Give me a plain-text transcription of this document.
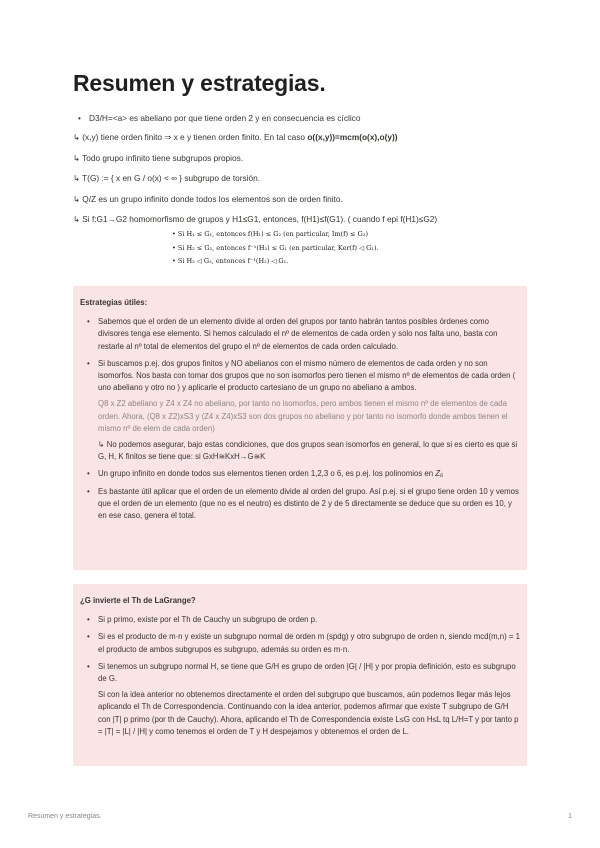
Resumen y estrategias.
• D3/H=<a> es abeliano por que tiene orden 2 y en consecuencia es cíclico
↳ (x,y) tiene orden finito ⇒ x e y tienen orden finito. En tal caso o((x,y))=mcm(o(x),o(y))
↳ Todo grupo infinito tiene subgrupos propios.
↳ T(G) := { x en G / o(x) < ∞ } subgrupo de torsión.
↳ Q/Z es un grupo infinito donde todos los elementos son de orden finito.
↳ Si f:G1→G2 homomorfismo de grupos y H1≤G1, entonces, f(H1)≤f(G1). ( cuando f epi f(H1)≤G2)
• Si H₁ ≤ G₁, entonces f(H₁) ≤ G₂ (en particular, Im(f) ≤ G₂)
• Si H₂ ≤ G₂, entonces f⁻¹(H₂) ≤ G₁ (en particular, Ker(f) ◁ G₁).
• Si H₂ ◁ G₂, entonces f⁻¹(H₂) ◁ G₁.
Estrategias útiles:
• Sabemos que el orden de un elemento divide al orden del grupos por tanto habrán tantos posibles órdenes como divisores tenga ese elemento. Si hemos calculado el nº de elementos de cada orden y solo nos falta uno, basta con restarle al nº total de elementos del grupo el nº de elementos de cada orden calculado.
• Si buscamos p.ej. dos grupos finitos y NO abelianos con el mismo número de elementos de cada orden y no son isomorfos. Nos basta con tomar dos grupos que no son isomorfos pero tienen el mismo nº de elementos de cada orden ( uno abeliano y otro no ) y aplicarle el producto cartesiano de un grupo no abeliano a ambos.

Q8 x Z2 abeliano y Z4 x Z4 no abeliano, por tanto no isomorfos, pero ambos tienen el mismo nº de elementos de cada orden. Ahora, (Q8 x Z2)xS3 y (Z4 x Z4)xS3 son dos grupos no abeliano y por tanto no isomorfo donde ambos tienen el mismo nº de elem de cada orden)

↳ No podemos asegurar, bajo estas condiciones, que dos grupos sean isomorfos en general, lo que si es cierto es que si G, H, K finitos se tiene que: si GxH≅KxH→G≅K

• Un grupo infinito en donde todos sus elementos tienen orden 1,2,3 o 6, es p.ej. los polinomios en Z₆
• Es bastante útil aplicar que el orden de un elemento divide al orden del grupo. Así p.ej. si el grupo tiene orden 10 y vemos que el orden de un elemento (que no es el neutro) es distinto de 2 y de 5 directamente se deduce que su orden es 10, y en ese caso, genera el total.
¿G invierte el Th de LaGrange?
• Si p primo, existe por el Th de Cauchy un subgrupo de orden p.
• Si es el producto de m·n y existe un subgrupo normal de orden m (spdg) y otro subgrupo de orden n, siendo mcd(m,n) = 1 el producto de ambos subgrupos es subgrupo, además su orden es m·n.
• Si tenemos un subgrupo normal H, se tiene que G/H es grupo de orden |G| / |H| y por propia definición, esto es subgrupo de G.

Si con la idea anterior no obtenemos directamente el orden del subgrupo que buscamos, aún podemos llegar más lejos aplicando el Th de Correspondencia. Continuando con la idea anterior, podemos afirmar que existe T subgrupo de G/H con |T| p primo (por th de Cauchy). Ahora, aplicando el Th de Correspondencia existe L≤G con H≤L tq L/H=T y por tanto p = |T| = |L| / |H| y como tenemos el orden de T y H despejamos y obtenemos el orden de L.

Resumen y estrategias.	1
